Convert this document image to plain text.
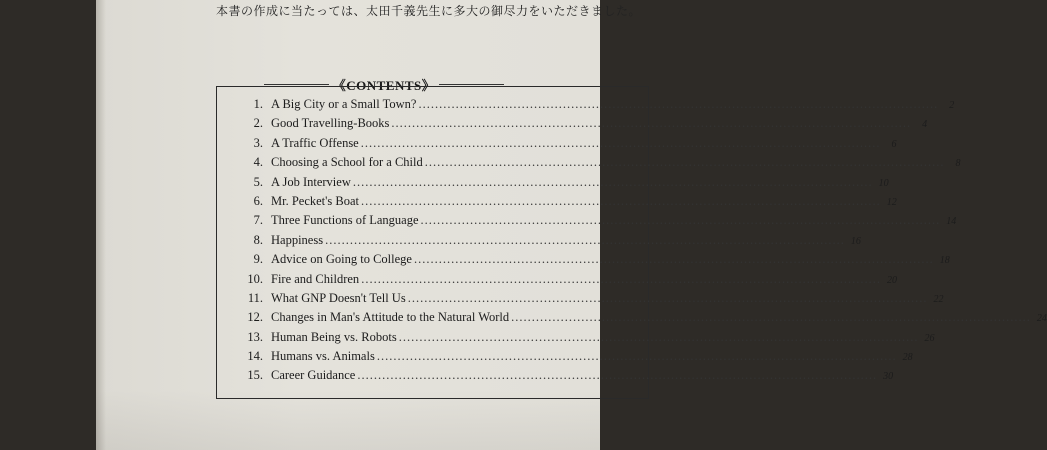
本書の作成に当たっては、太田千義先生に多大の御尽力をいただきました。
《CONTENTS》
1. A Big City or a Small Town? .....	2
2. Good Travelling-Books .....	4
3. A Traffic Offense .....	6
4. Choosing a School for a Child .....	8
5. A Job Interview .....	10
6. Mr. Pecket's Boat .....	12
7. Three Functions of Language .....	14
8. Happiness .....	16
9. Advice on Going to College .....	18
10. Fire and Children .....	20
11. What GNP Doesn't Tell Us .....	22
12. Changes in Man's Attitude to the Natural World .....	24
13. Human Being vs. Robots .....	26
14. Humans vs. Animals .....	28
15. Career Guidance .....	30
